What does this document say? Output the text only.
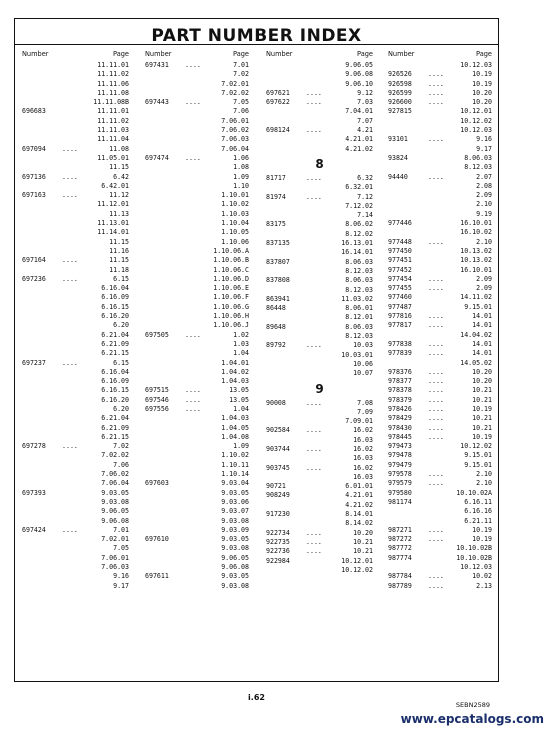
PART NUMBER INDEX
Number	Page
11.11.01
11.11.02
11.11.06
11.11.08
11.11.08B
696683	11.11.01
11.11.02
11.11.03
11.11.04
697094 ....	11.08
11.05.01
11.15
697136 ....	6.42
6.42.01
697163 ....	11.12
11.12.01
11.13
11.13.01
11.14.01
11.15
11.16
697164 ....	11.15
11.18
697236 ....	6.15
6.16.04
6.16.09
6.16.15
6.16.20
6.20
6.21.04
6.21.09
6.21.15
697237 ....	6.15
6.16.04
6.16.09
6.16.15
6.16.20
6.20
6.21.04
6.21.09
6.21.15
697278 ....	7.02
7.02.02
7.06
7.06.02
7.06.04
697393	9.03.05
9.03.08
9.06.05
9.06.08
697424 ....	7.01
7.02.01
7.05
7.06.01
7.06.03
9.16
9.17
Number	Page
697431 ....	7.01
7.02
7.02.01
7.02.02
697443 ....	7.05
7.06
7.06.01
7.06.02
7.06.03
7.06.04
697474 ....	1.06
1.08
1.09
1.10
1.10.01
1.10.02
1.10.03
1.10.04
1.10.05
1.10.06
1.10.06.A
1.10.06.B
1.10.06.C
1.10.06.D
1.10.06.E
1.10.06.F
1.10.06.G
1.10.06.H
1.10.06.J
697505 ....	1.02
1.03
1.04
1.04.01
1.04.02
1.04.03
697515 ....	13.05
697546 ....	13.05
697556 ....	1.04
1.04.03
1.04.05
1.04.08
1.09
1.10.02
1.10.11
1.10.14
697603	9.03.04
9.03.05
9.03.06
9.03.07
9.03.08
9.03.09
697610	9.03.05
9.03.08
9.06.05
9.06.08
697611	9.03.05
9.03.08
Number	Page
9.06.05
9.06.08
9.06.10
697621 ....	9.12
697622 ....	7.03
7.04.01
7.07
698124 ....	4.21
4.21.01
4.21.02
8
81717	....	6.32
6.32.01
81974	....	7.12
7.12.02
7.14
83175	8.06.02
8.12.02
837135	16.13.01
16.14.01
837807	8.06.03
8.12.03
837808	8.06.03
8.12.03
863941	11.03.02
86448	8.06.01
8.12.01
89648	8.06.03
8.12.03
89792	....	10.03
10.03.01
10.06
10.07
9
90008	....	7.08
7.09
7.09.01
902584 ....	16.02
16.03
903744 ....	16.02
16.03
903745 ....	16.02
16.03
90721	6.01.01
908249	4.21.01
4.21.02
917230	8.14.01
8.14.02
922734 ....	10.20
922735 ....	10.21
922736 ....	10.21
922984	10.12.01
10.12.02
Number	Page
10.12.03
926526 ....	10.19
926598 ....	10.19
926599 ....	10.20
926600 ....	10.20
927815	10.12.01
10.12.02
10.12.03
93101	....	9.16
9.17
93824	8.06.03
8.12.03
94440	....	2.07
2.08
2.09
2.10
9.19
977446	16.10.01
16.10.02
977448 ....	2.10
977450	10.13.02
977451	10.13.02
977452	16.10.01
977454 ....	2.09
977455 ....	2.09
977460	14.11.02
977487	9.15.01
977816 ....	14.01
977817 ....	14.01
14.04.02
977838 ....	14.01
977839 ....	14.01
14.05.02
978376 ....	10.20
978377 ....	10.20
978378 ....	10.21
978379 ....	10.21
978426 ....	10.19
978429 ....	10.21
978430 ....	10.21
978445 ....	10.19
979473	10.12.02
979478	9.15.01
979479	9.15.01
979578 ....	2.10
979579 ....	2.10
979580	10.10.02A
981174	6.16.11
6.16.16
6.21.11
987271 ....	10.19
987272 ....	10.19
987772	10.10.02B
987774	10.10.02B
10.12.03
987784 ....	10.02
987789 ....	2.13
i.62
SEBN2589
www.epcatalogs.com
